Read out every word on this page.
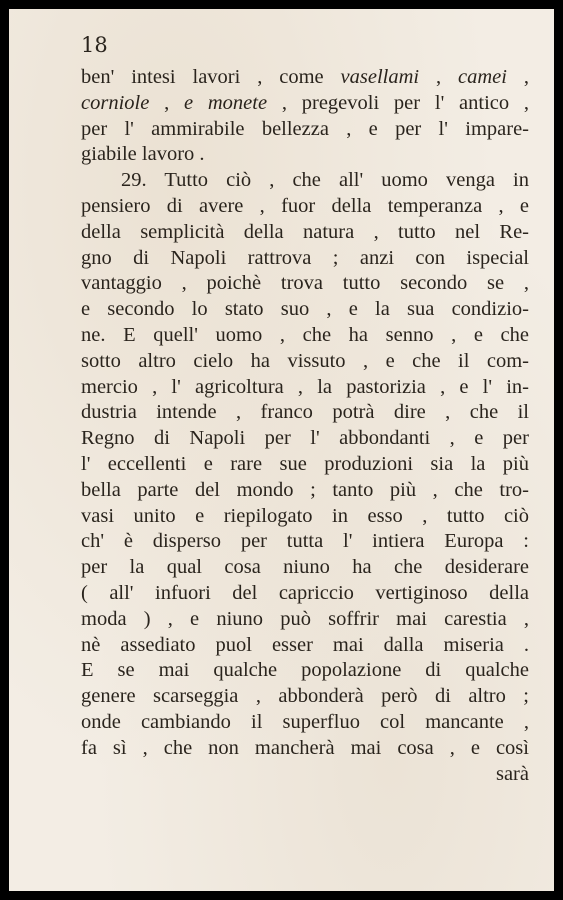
18
ben' intesi lavori , come vasellami , camei ,
corniole , e monete , pregevoli per l' antico ,
per l' ammirabile bellezza , e per l' impare-
giabile lavoro .
29. Tutto ciò , che all' uomo venga in
pensiero di avere , fuor della temperanza , e
della semplicità della natura , tutto nel Re-
gno di Napoli rattrova ; anzi con ispecial
vantaggio , poichè trova tutto secondo se ,
e secondo lo stato suo , e la sua condizio-
ne. E quell' uomo , che ha senno , e che
sotto altro cielo ha vissuto , e che il com-
mercio , l' agricoltura , la pastorizia , e l' in-
dustria intende , franco potrà dire , che il
Regno di Napoli per l' abbondanti , e per
l' eccellenti e rare sue produzioni sia la più
bella parte del mondo ; tanto più , che tro-
vasi unito e riepilogato in esso , tutto ciò
ch' è disperso per tutta l' intiera Europa :
per la qual cosa niuno ha che desiderare
( all' infuori del capriccio vertiginoso della
moda ) , e niuno può soffrir mai carestia ,
nè assediato puol esser mai dalla miseria .
E se mai qualche popolazione di qualche
genere scarseggia , abbonderà però di altro ;
onde cambiando il superfluo col mancante ,
fa sì , che non mancherà mai cosa , e così
sarà
